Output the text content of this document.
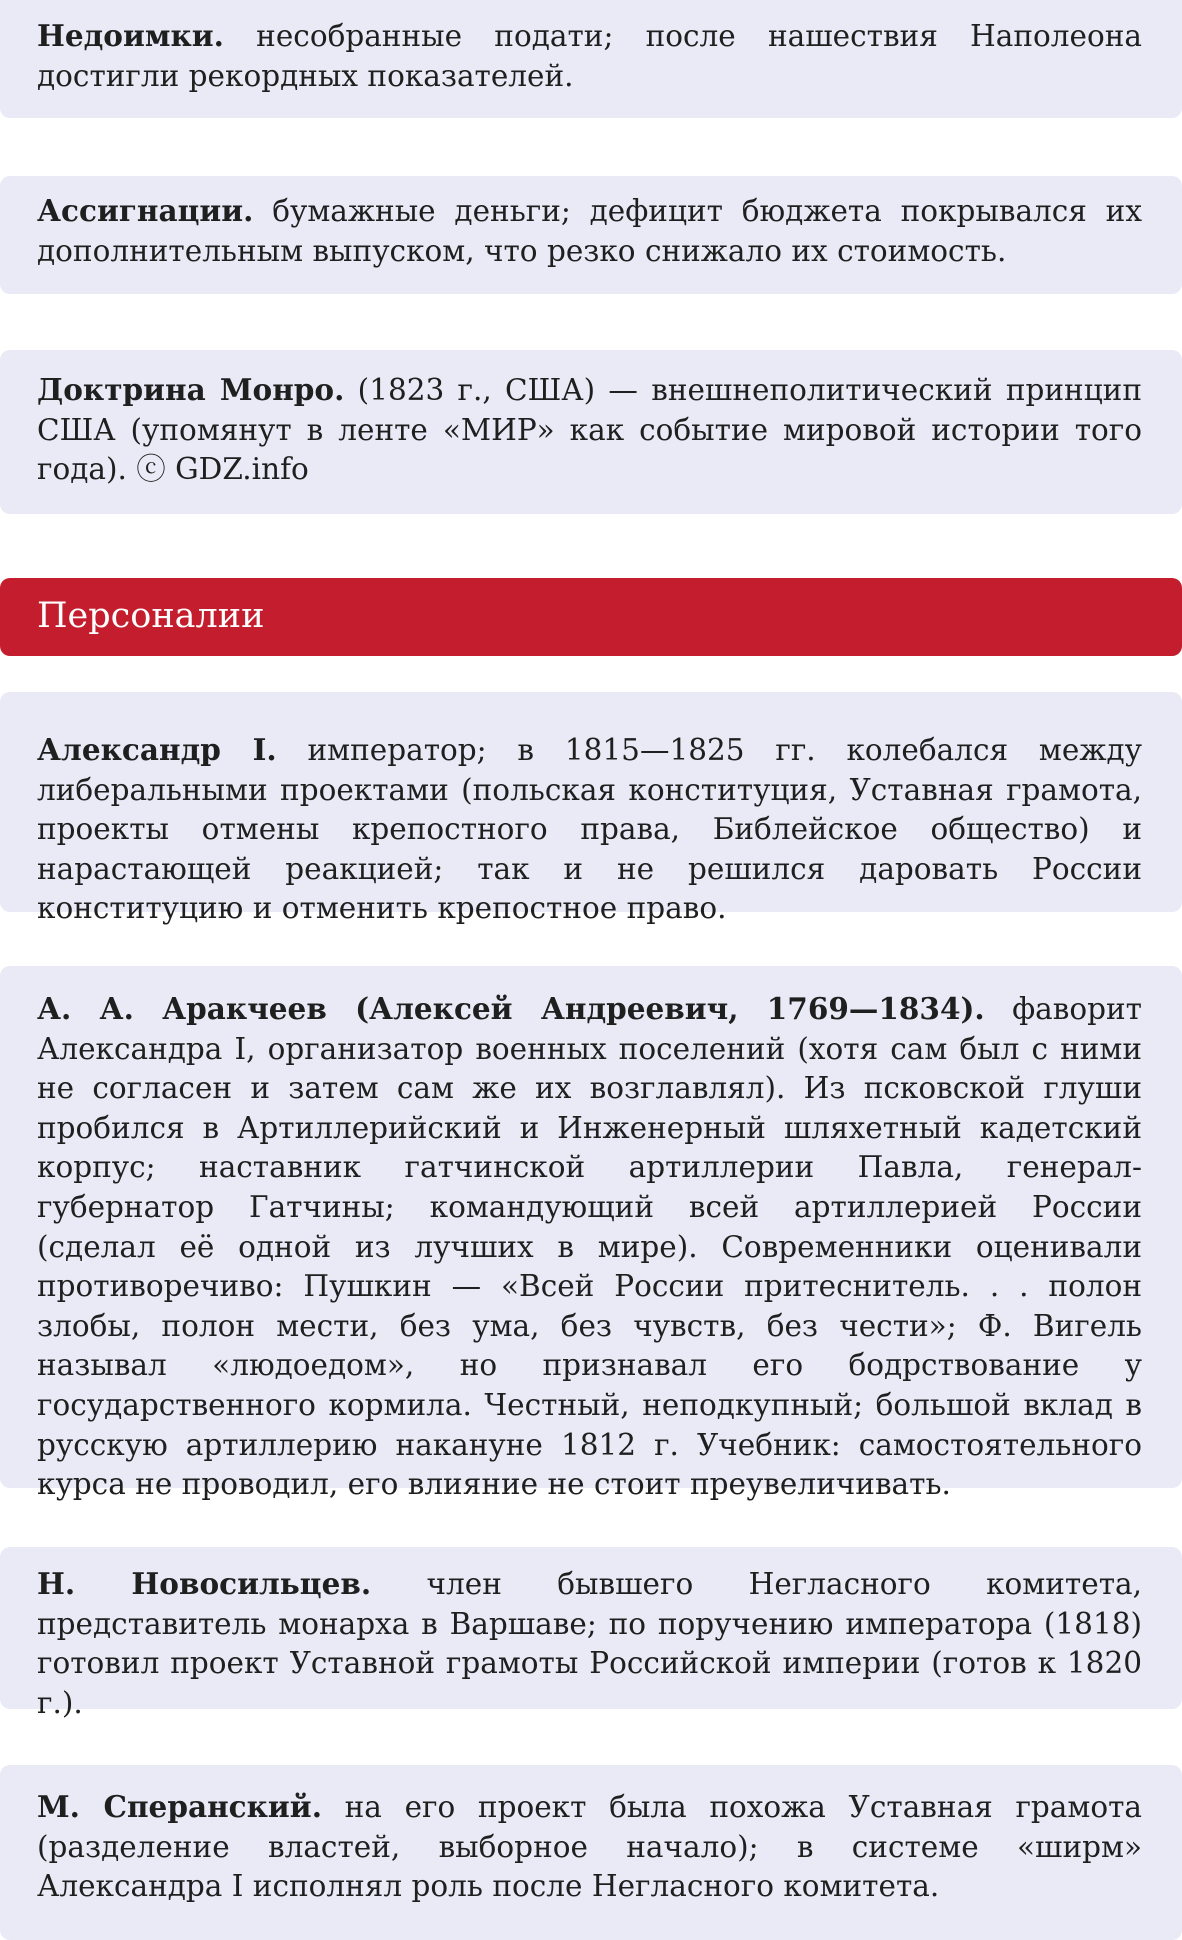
Недоимки. несобранные подати; после нашествия Наполеона достигли рекордных показателей.

Ассигнации. бумажные деньги; дефицит бюджета покрывался их дополнительным выпуском, что резко снижало их стоимость.

Доктрина Монро. (1823 г., США) — внешнеполитический принцип США (упомянут в ленте «МИР» как событие мировой истории того года). ⓒ GDZ.info

Персоналии

Александр I. император; в 1815—1825 гг. колебался между либеральными проектами (польская конституция, Уставная грамота, проекты отмены крепостного права, Библейское общество) и нарастающей реакцией; так и не решился даровать России конституцию и отменить крепостное право.

А. А. Аракчеев (Алексей Андреевич, 1769—1834). фаворит Александра I, организатор военных поселений (хотя сам был с ними не согласен и затем сам же их возглавлял). Из псковской глуши пробился в Артиллерийский и Инженерный шляхетный кадетский корпус; наставник гатчинской артиллерии Павла, генерал-губернатор Гатчины; командующий всей артиллерией России (сделал её одной из лучших в мире). Современники оценивали противоречиво: Пушкин — «Всей России притеснитель. . . полон злобы, полон мести, без ума, без чувств, без чести»; Ф. Вигель называл «людоедом», но признавал его бодрствование у государственного кормила. Честный, неподкупный; большой вклад в русскую артиллерию накануне 1812 г. Учебник: самостоятельного курса не проводил, его влияние не стоит преувеличивать.

Н. Новосильцев. член бывшего Негласного комитета, представитель монарха в Варшаве; по поручению императора (1818) готовил проект Уставной грамоты Российской империи (готов к 1820 г.).

М. Сперанский. на его проект была похожа Уставная грамота (разделение властей, выборное начало); в системе «ширм» Александра I исполнял роль после Негласного комитета.
